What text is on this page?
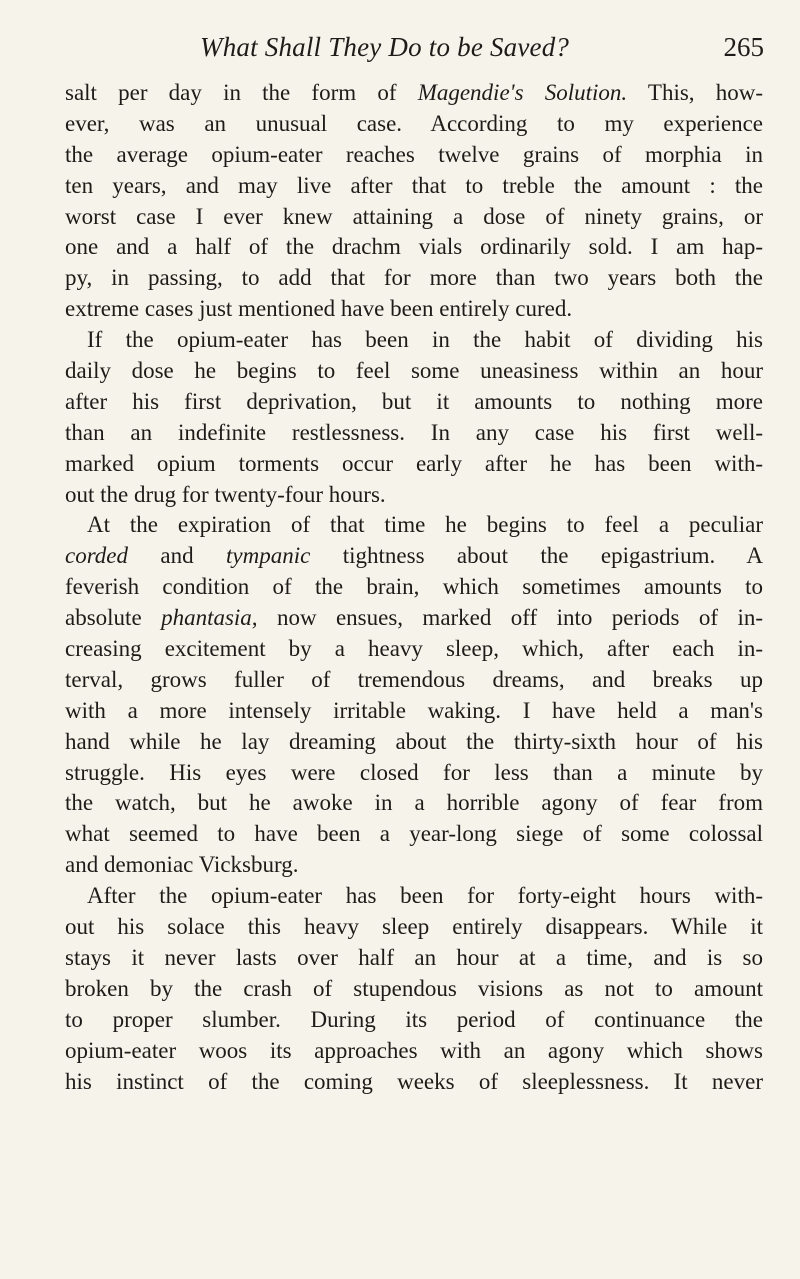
What Shall They Do to be Saved?	265
salt per day in the form of Magendie's Solution. This, how-
ever, was an unusual case. According to my experience
the average opium-eater reaches twelve grains of morphia in
ten years, and may live after that to treble the amount : the
worst case I ever knew attaining a dose of ninety grains, or
one and a half of the drachm vials ordinarily sold. I am hap-
py, in passing, to add that for more than two years both the
extreme cases just mentioned have been entirely cured.
If the opium-eater has been in the habit of dividing his
daily dose he begins to feel some uneasiness within an hour
after his first deprivation, but it amounts to nothing more
than an indefinite restlessness. In any case his first well-
marked opium torments occur early after he has been with-
out the drug for twenty-four hours.
At the expiration of that time he begins to feel a peculiar
corded and tympanic tightness about the epigastrium. A
feverish condition of the brain, which sometimes amounts to
absolute phantasia, now ensues, marked off into periods of in-
creasing excitement by a heavy sleep, which, after each in-
terval, grows fuller of tremendous dreams, and breaks up
with a more intensely irritable waking. I have held a man's
hand while he lay dreaming about the thirty-sixth hour of his
struggle. His eyes were closed for less than a minute by
the watch, but he awoke in a horrible agony of fear from
what seemed to have been a year-long siege of some colossal
and demoniac Vicksburg.
After the opium-eater has been for forty-eight hours with-
out his solace this heavy sleep entirely disappears. While it
stays it never lasts over half an hour at a time, and is so
broken by the crash of stupendous visions as not to amount
to proper slumber. During its period of continuance the
opium-eater woos its approaches with an agony which shows
his instinct of the coming weeks of sleeplessness. It never
